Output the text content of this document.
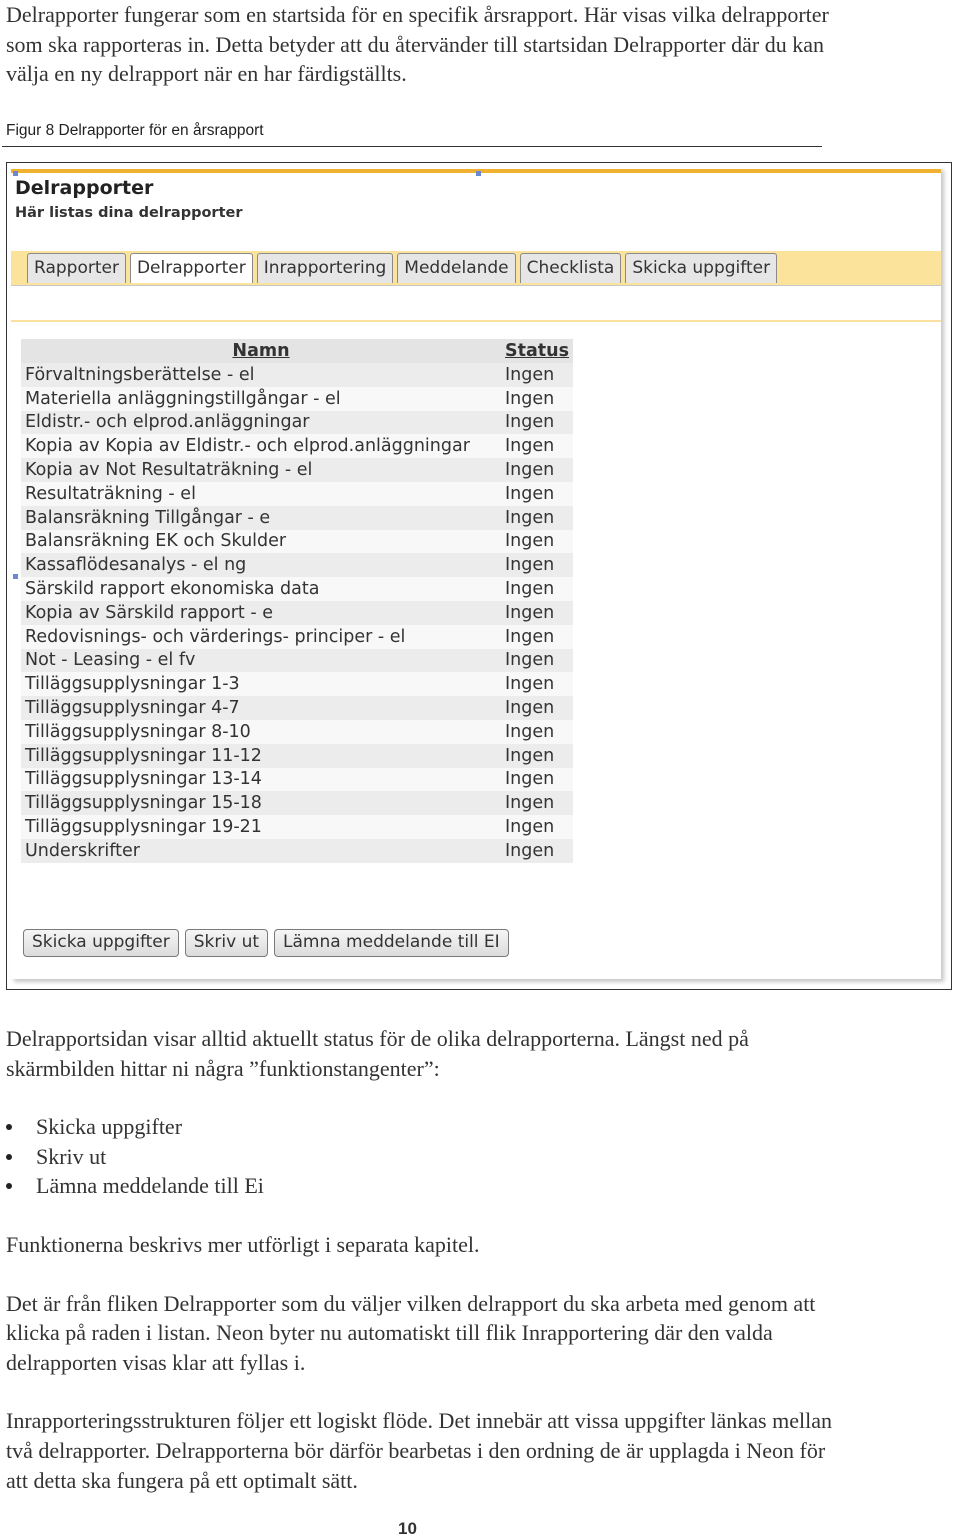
Delrapporter fungerar som en startsida för en specifik årsrapport. Här visas vilka delrapporter som ska rapporteras in. Detta betyder att du återvänder till startsidan Delrapporter där du kan välja en ny delrapport när en har färdigställts.
Figur 8 Delrapporter för en årsrapport
Delrapporter
Här listas dina delrapporter
Rapporter	Delrapporter	Inrapportering	Meddelande	Checklista	Skicka uppgifter
Namn	Status
Förvaltningsberättelse - el	Ingen
Materiella anläggningstillgångar - el	Ingen
Eldistr.- och elprod.anläggningar	Ingen
Kopia av Kopia av Eldistr.- och elprod.anläggningar	Ingen
Kopia av Not Resultaträkning - el	Ingen
Resultaträkning - el	Ingen
Balansräkning Tillgångar - e	Ingen
Balansräkning EK och Skulder	Ingen
Kassaflödesanalys - el ng	Ingen
Särskild rapport ekonomiska data	Ingen
Kopia av Särskild rapport - e	Ingen
Redovisnings- och värderings- principer - el	Ingen
Not - Leasing - el fv	Ingen
Tilläggsupplysningar 1-3	Ingen
Tilläggsupplysningar 4-7	Ingen
Tilläggsupplysningar 8-10	Ingen
Tilläggsupplysningar 11-12	Ingen
Tilläggsupplysningar 13-14	Ingen
Tilläggsupplysningar 15-18	Ingen
Tilläggsupplysningar 19-21	Ingen
Underskrifter	Ingen
Skicka uppgifter	Skriv ut	Lämna meddelande till EI

Delrapportsidan visar alltid aktuellt status för de olika delrapporterna. Längst ned på skärmbilden hittar ni några ”funktionstangenter”:

Skicka uppgifter
Skriv ut
Lämna meddelande till Ei

Funktionerna beskrivs mer utförligt i separata kapitel.

Det är från fliken Delrapporter som du väljer vilken delrapport du ska arbeta med genom att klicka på raden i listan. Neon byter nu automatiskt till flik Inrapportering där den valda delrapporten visas klar att fyllas i.

Inrapporteringsstrukturen följer ett logiskt flöde. Det innebär att vissa uppgifter länkas mellan två delrapporter. Delrapporterna bör därför bearbetas i den ordning de är upplagda i Neon för att detta ska fungera på ett optimalt sätt.

10
